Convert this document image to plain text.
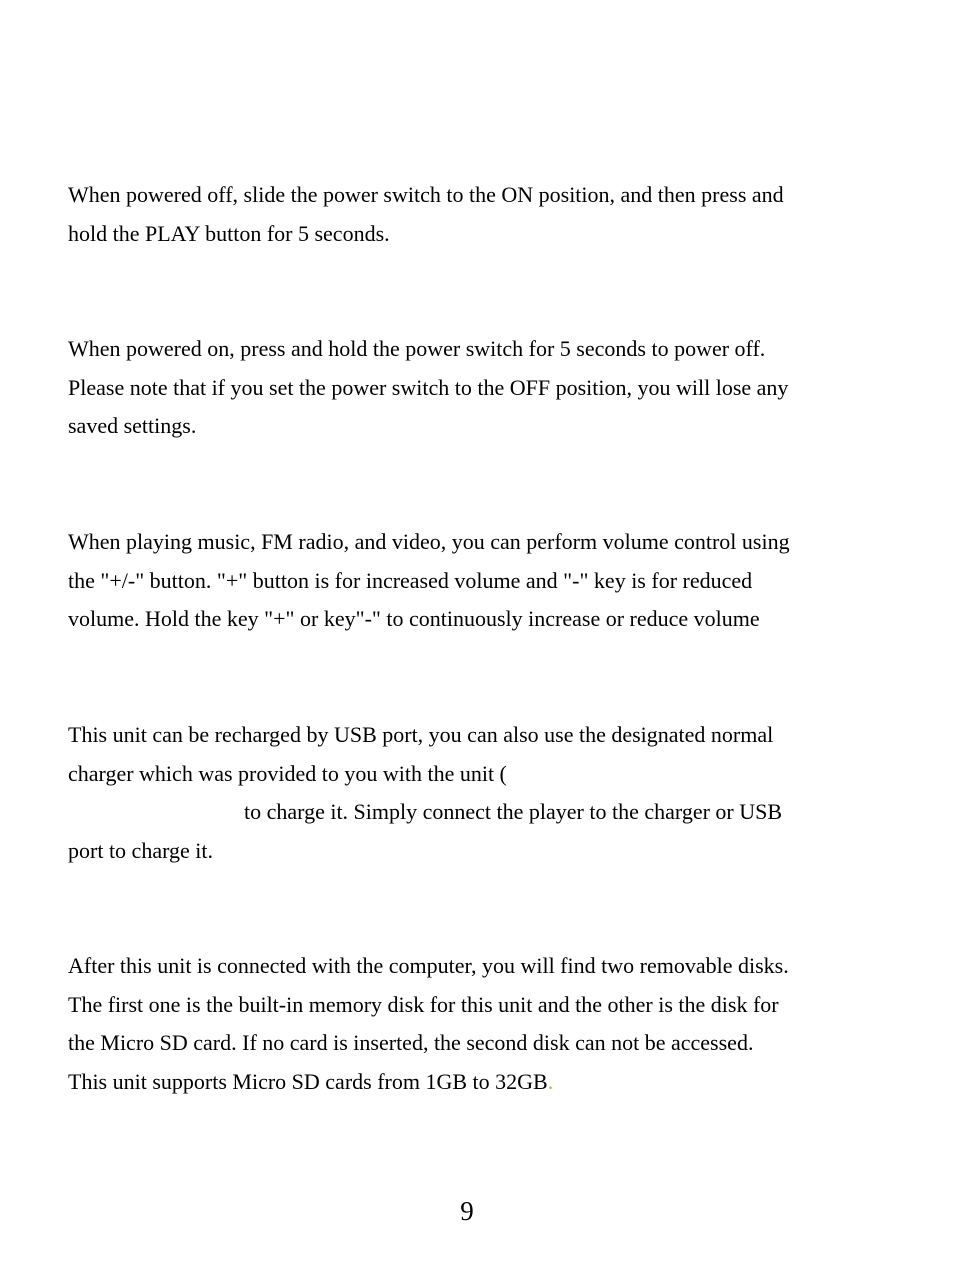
When powered off, slide the power switch to the ON position, and then press and
hold the PLAY button for 5 seconds.

When powered on, press and hold the power switch for 5 seconds to power off.
Please note that if you set the power switch to the OFF position, you will lose any
saved settings.

When playing music, FM radio, and video, you can perform volume control using
the "+/-" button. "+" button is for increased volume and "-" key is for reduced
volume. Hold the key "+" or key"-" to continuously increase or reduce volume

This unit can be recharged by USB port, you can also use the designated normal
charger which was provided to you with the unit (
to charge it. Simply connect the player to the charger or USB
port to charge it.

After this unit is connected with the computer, you will find two removable disks.
The first one is the built-in memory disk for this unit and the other is the disk for
the Micro SD card. If no card is inserted, the second disk can not be accessed.
This unit supports Micro SD cards from 1GB to 32GB.

9
